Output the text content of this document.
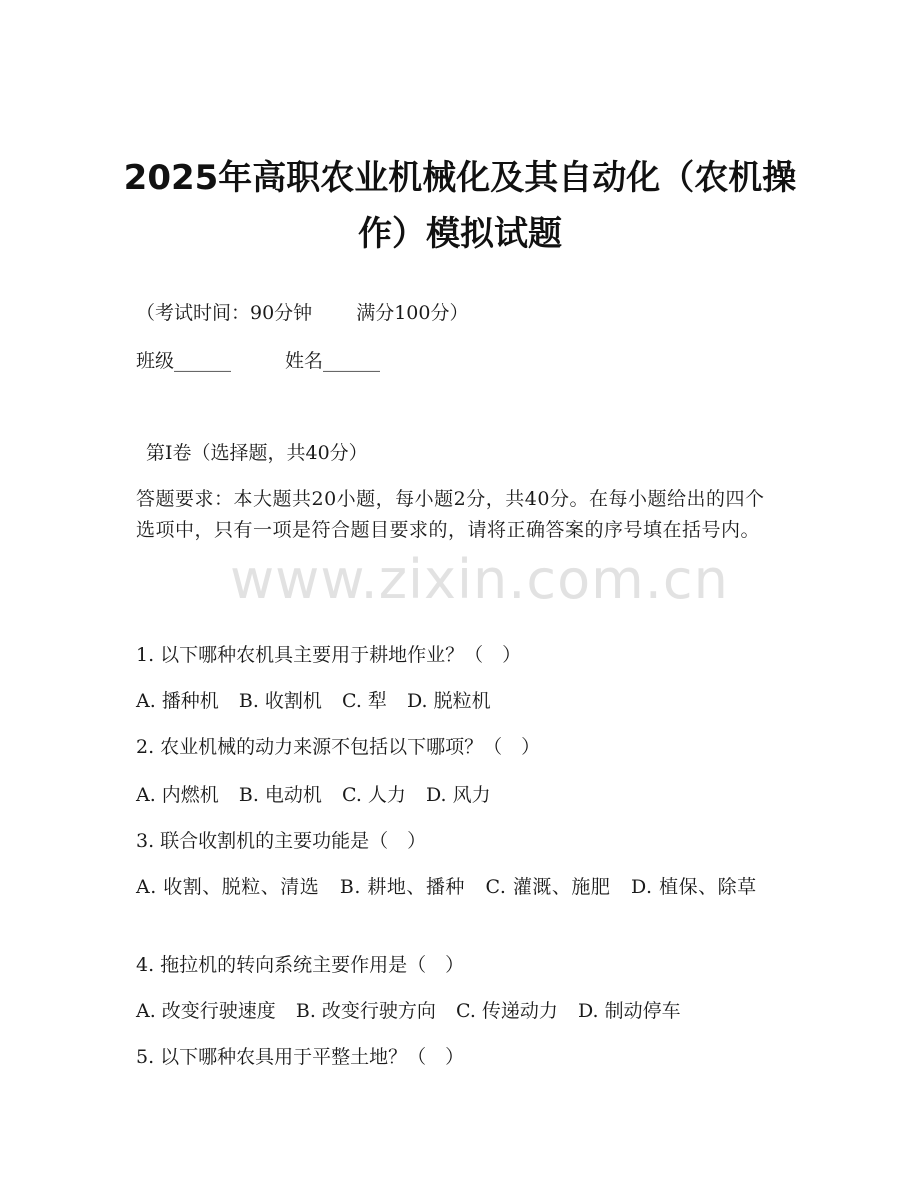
2025年高职农业机械化及其自动化（农机操作）模拟试题
（考试时间：90分钟 满分100分）
班级______	姓名______
第I卷（选择题，共40分）
答题要求：本大题共20小题，每小题2分，共40分。在每小题给出的四个选项中，只有一项是符合题目要求的，请将正确答案的序号填在括号内。
www.zixin.com.cn
1. 以下哪种农机具主要用于耕地作业？（　）
A. 播种机 B. 收割机 C. 犁 D. 脱粒机
2. 农业机械的动力来源不包括以下哪项？（　）
A. 内燃机 B. 电动机 C. 人力 D. 风力
3. 联合收割机的主要功能是（　）
A. 收割、脱粒、清选 B. 耕地、播种 C. 灌溉、施肥 D. 植保、除草
4. 拖拉机的转向系统主要作用是（　）
A. 改变行驶速度 B. 改变行驶方向 C. 传递动力 D. 制动停车
5. 以下哪种农具用于平整土地？（　）
